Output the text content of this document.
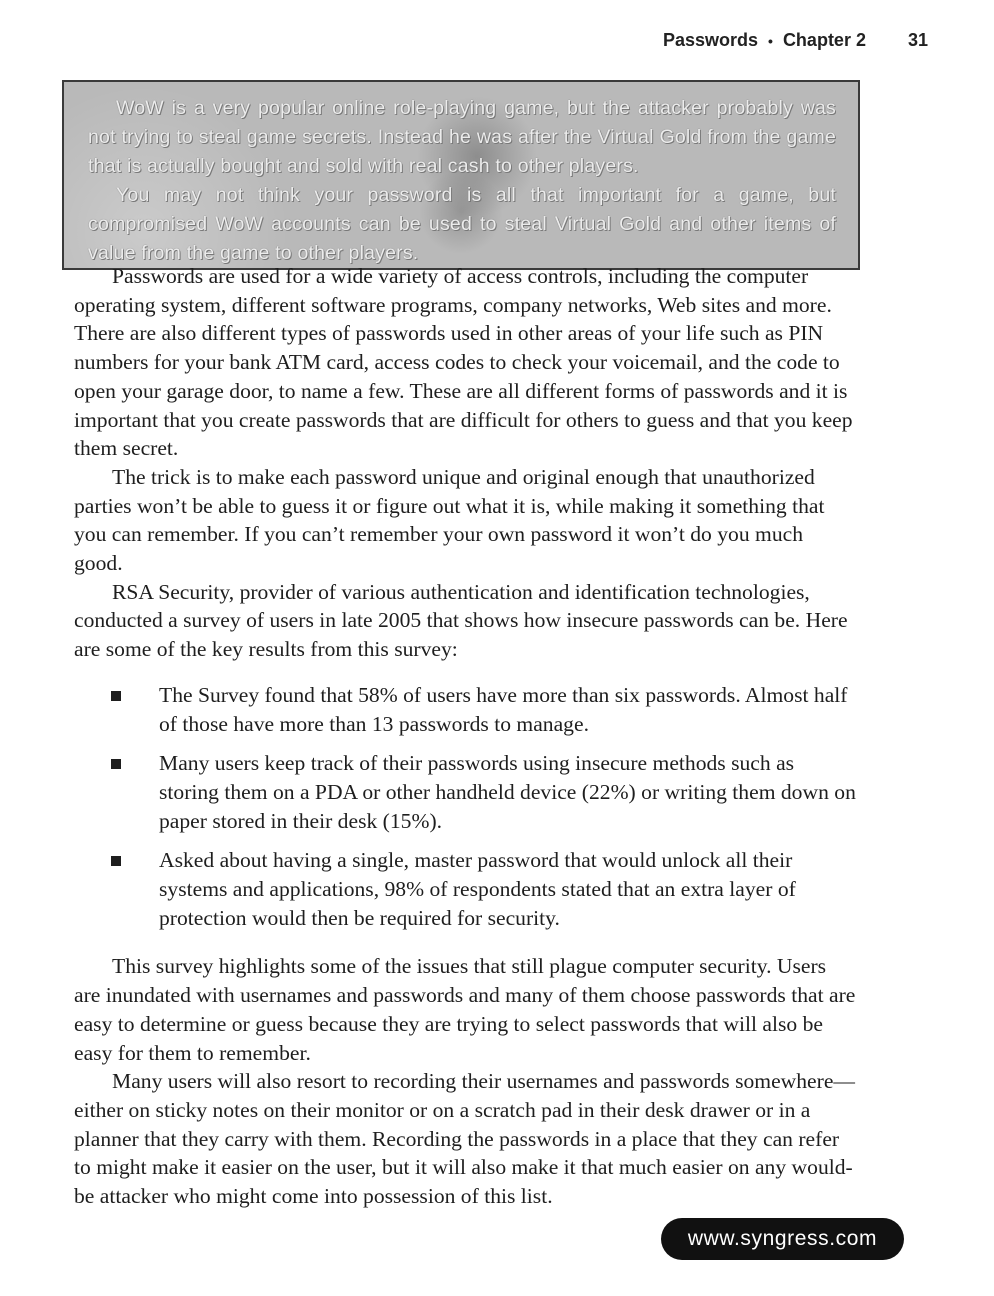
Passwords • Chapter 2 31

WoW is a very popular online role-playing game, but the attacker probably was not trying to steal game secrets. Instead he was after the Virtual Gold from the game that is actually bought and sold with real cash to other players.

You may not think your password is all that important for a game, but compromised WoW accounts can be used to steal Virtual Gold and other items of value from the game to other players.

Passwords are used for a wide variety of access controls, including the computer operating system, different software programs, company networks, Web sites and more. There are also different types of passwords used in other areas of your life such as PIN numbers for your bank ATM card, access codes to check your voicemail, and the code to open your garage door, to name a few. These are all different forms of passwords and it is important that you create passwords that are difficult for others to guess and that you keep them secret.

The trick is to make each password unique and original enough that unauthorized parties won’t be able to guess it or figure out what it is, while making it something that you can remember. If you can’t remember your own password it won’t do you much good.

RSA Security, provider of various authentication and identification technologies, conducted a survey of users in late 2005 that shows how insecure passwords can be. Here are some of the key results from this survey:

The Survey found that 58% of users have more than six passwords. Almost half of those have more than 13 passwords to manage.
Many users keep track of their passwords using insecure methods such as storing them on a PDA or other handheld device (22%) or writing them down on paper stored in their desk (15%).
Asked about having a single, master password that would unlock all their systems and applications, 98% of respondents stated that an extra layer of protection would then be required for security.

This survey highlights some of the issues that still plague computer security. Users are inundated with usernames and passwords and many of them choose passwords that are easy to determine or guess because they are trying to select passwords that will also be easy for them to remember.

Many users will also resort to recording their usernames and passwords somewhere—either on sticky notes on their monitor or on a scratch pad in their desk drawer or in a planner that they carry with them. Recording the passwords in a place that they can refer to might make it easier on the user, but it will also make it that much easier on any would-be attacker who might come into possession of this list.

www.syngress.com
